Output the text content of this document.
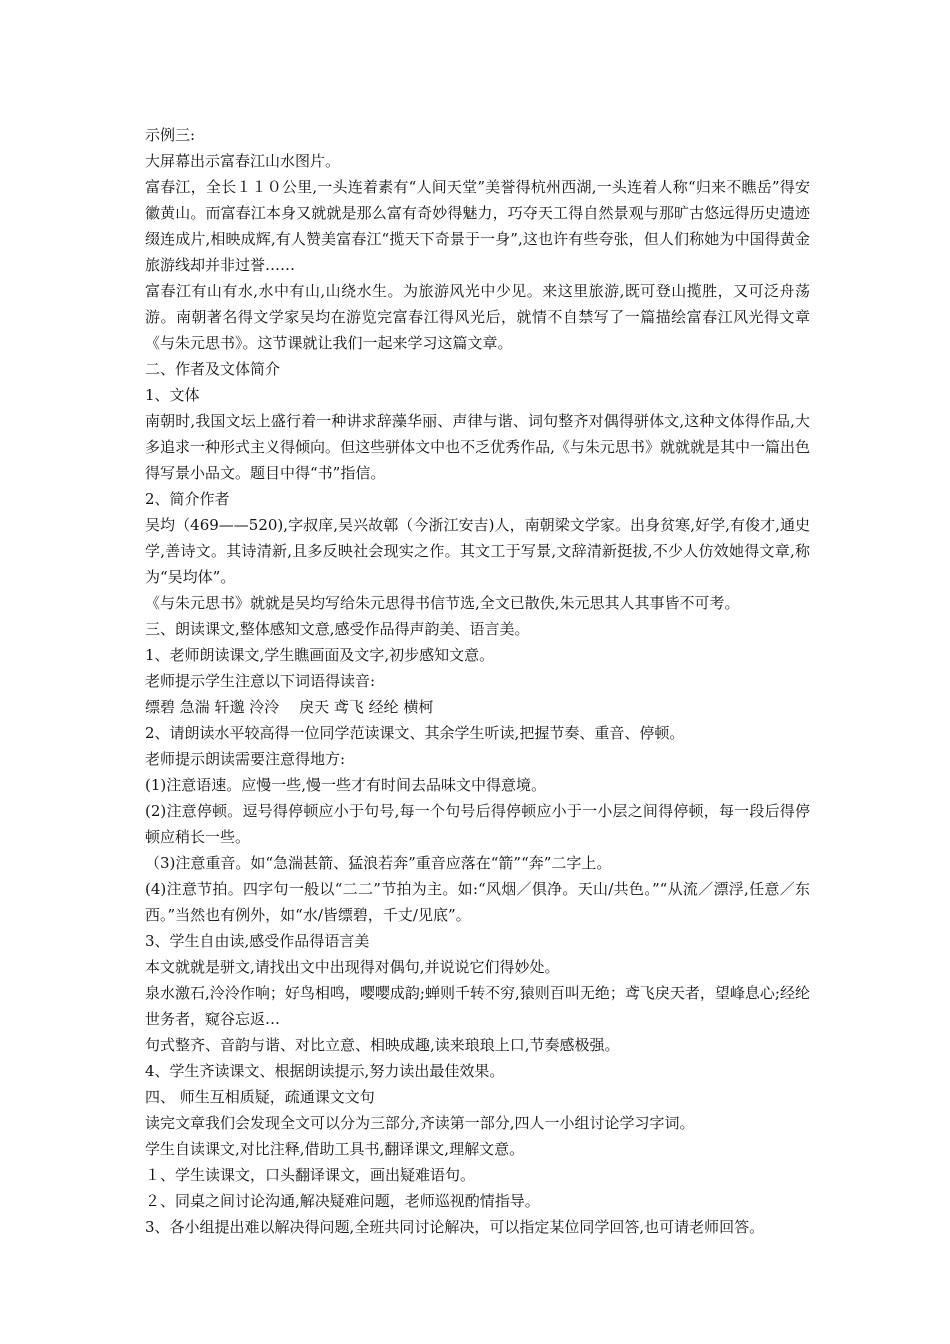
示例三:

大屏幕出示富春江山水图片。

富春江，全长１１０公里,一头连着素有“人间天堂”美誉得杭州西湖,一头连着人称“归来不瞧岳”得安徽黄山。而富春江本身又就就是那么富有奇妙得魅力，巧夺天工得自然景观与那旷古悠远得历史遗迹缀连成片,相映成辉,有人赞美富春江“揽天下奇景于一身”,这也许有些夸张，但人们称她为中国得黄金旅游线却并非过誉……

富春江有山有水,水中有山,山绕水生。为旅游风光中少见。来这里旅游,既可登山揽胜，又可泛舟荡游。南朝著名得文学家吴均在游览完富春江得风光后，就情不自禁写了一篇描绘富春江风光得文章《与朱元思书》。这节课就让我们一起来学习这篇文章。

二、作者及文体简介

1、文体

南朝时,我国文坛上盛行着一种讲求辞藻华丽、声律与谐、词句整齐对偶得骈体文,这种文体得作品,大多追求一种形式主义得倾向。但这些骈体文中也不乏优秀作品,《与朱元思书》就就就是其中一篇出色得写景小品文。题目中得“书”指信。

2、简介作者

吴均（469——520),字叔庠,吴兴故鄣（今浙江安吉)人，南朝梁文学家。出身贫寒,好学,有俊才,通史学,善诗文。其诗清新,且多反映社会现实之作。其文工于写景,文辞清新挺拔,不少人仿效她得文章,称为“吴均体”。

《与朱元思书》就就是吴均写给朱元思得书信节选,全文已散佚,朱元思其人其事皆不可考。

三、朗读课文,整体感知文意,感受作品得声韵美、语言美。

1、老师朗读课文,学生瞧画面及文字,初步感知文意。

老师提示学生注意以下词语得读音:

缥碧 急湍 轩邈 泠泠　 戾天 鸢飞 经纶 横柯

2、请朗读水平较高得一位同学范读课文、其余学生听读,把握节奏、重音、停顿。

老师提示朗读需要注意得地方:

(1)注意语速。应慢一些,慢一些才有时间去品味文中得意境。

(2)注意停顿。逗号得停顿应小于句号,每一个句号后得停顿应小于一小层之间得停顿，每一段后得停顿应稍长一些。

（3)注意重音。如“急湍甚箭、猛浪若奔”重音应落在“箭”“奔”二字上。

(4)注意节拍。四字句一般以“二二”节拍为主。如:“风烟／俱净。天山/共色。”“从流／漂浮,任意／东西。”当然也有例外，如“水/皆缥碧，千丈/见底”。

3、学生自由读,感受作品得语言美

本文就就是骈文,请找出文中出现得对偶句,并说说它们得妙处。

泉水激石,泠泠作响；好鸟相鸣，嘤嘤成韵;蝉则千转不穷,猿则百叫无绝；鸢飞戾天者，望峰息心;经纶世务者，窥谷忘返…

句式整齐、音韵与谐、对比立意、相映成趣,读来琅琅上口,节奏感极强。

4、学生齐读课文、根据朗读提示,努力读出最佳效果。

四、 师生互相质疑，疏通课文文句

读完文章我们会发现全文可以分为三部分,齐读第一部分,四人一小组讨论学习字词。

学生自读课文,对比注释,借助工具书,翻译课文,理解文意。

１、学生读课文，口头翻译课文，画出疑难语句。

２、同桌之间讨论沟通,解决疑难问题，老师巡视酌情指导。

3、各小组提出难以解决得问题,全班共同讨论解决，可以指定某位同学回答,也可请老师回答。
